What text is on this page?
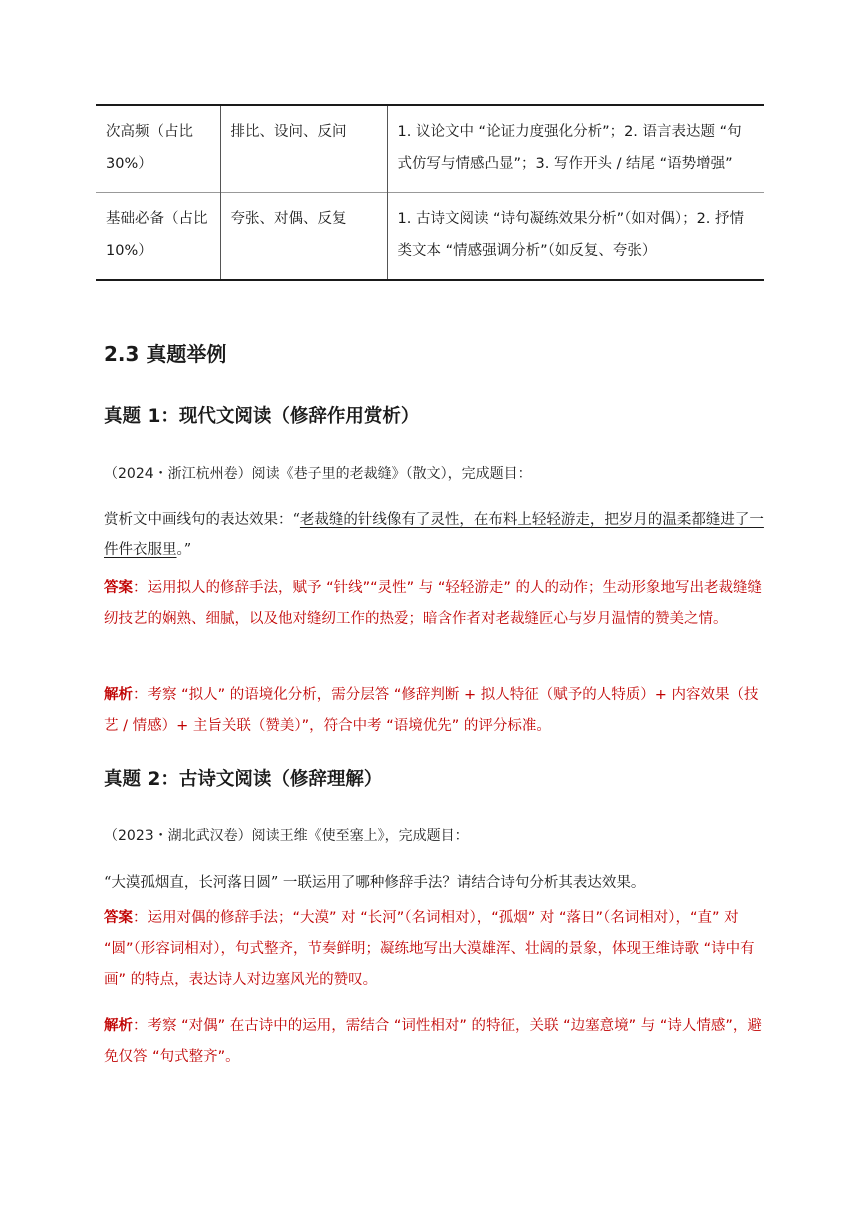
次高频（占比30%）	排比、设问、反问	1. 议论文中 “论证力度强化分析”；2. 语言表达题 “句式仿写与情感凸显”；3. 写作开头 / 结尾 “语势增强”
基础必备（占比 10%）	夸张、对偶、反复	1. 古诗文阅读 “诗句凝练效果分析”（如对偶）；2. 抒情类文本 “情感强调分析”（如反复、夸张）
2.3 真题举例
真题 1：现代文阅读（修辞作用赏析）

（2024・浙江杭州卷）阅读《巷子里的老裁缝》（散文），完成题目：

赏析文中画线句的表达效果：“老裁缝的针线像有了灵性，在布料上轻轻游走，把岁月的温柔都缝进了一件件衣服里。”

答案：运用拟人的修辞手法，赋予 “针线”“灵性” 与 “轻轻游走” 的人的动作；生动形象地写出老裁缝缝纫技艺的娴熟、细腻，以及他对缝纫工作的热爱；暗含作者对老裁缝匠心与岁月温情的赞美之情。

解析：考察 “拟人” 的语境化分析，需分层答 “修辞判断 + 拟人特征（赋予的人特质）+ 内容效果（技艺 / 情感）+ 主旨关联（赞美）”，符合中考 “语境优先” 的评分标准。

真题 2：古诗文阅读（修辞理解）

（2023・湖北武汉卷）阅读王维《使至塞上》，完成题目：

“大漠孤烟直，长河落日圆” 一联运用了哪种修辞手法？请结合诗句分析其表达效果。

答案：运用对偶的修辞手法；“大漠” 对 “长河”（名词相对），“孤烟” 对 “落日”（名词相对），“直” 对 “圆”（形容词相对），句式整齐，节奏鲜明；凝练地写出大漠雄浑、壮阔的景象，体现王维诗歌 “诗中有画” 的特点，表达诗人对边塞风光的赞叹。

解析：考察 “对偶” 在古诗中的运用，需结合 “词性相对” 的特征，关联 “边塞意境” 与 “诗人情感”，避免仅答 “句式整齐”。
